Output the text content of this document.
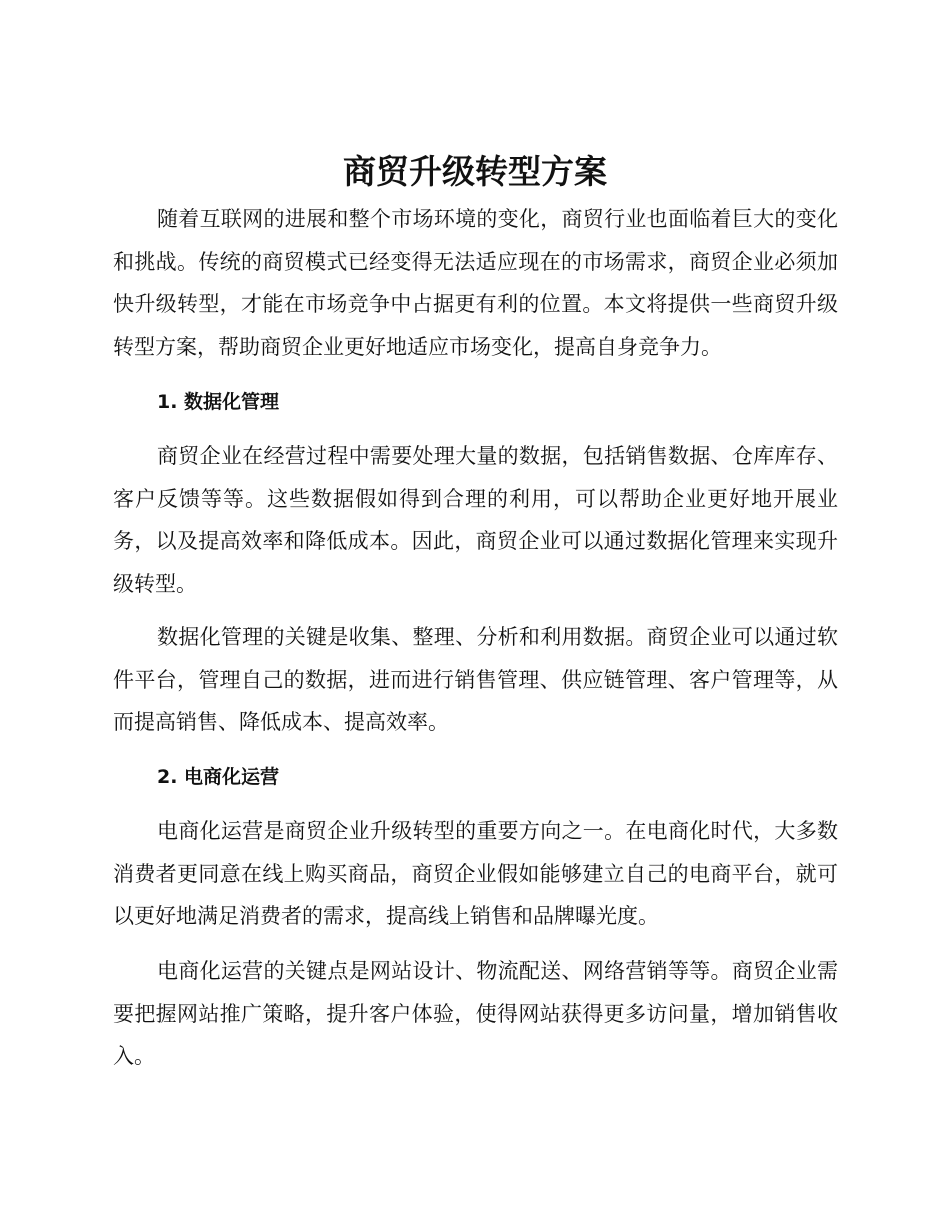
商贸升级转型方案

随着互联网的进展和整个市场环境的变化，商贸行业也面临着巨大的变化和挑战。传统的商贸模式已经变得无法适应现在的市场需求，商贸企业必须加快升级转型，才能在市场竞争中占据更有利的位置。本文将提供一些商贸升级转型方案，帮助商贸企业更好地适应市场变化，提高自身竞争力。

1. 数据化管理

商贸企业在经营过程中需要处理大量的数据，包括销售数据、仓库库存、客户反馈等等。这些数据假如得到合理的利用，可以帮助企业更好地开展业务，以及提高效率和降低成本。因此，商贸企业可以通过数据化管理来实现升级转型。

数据化管理的关键是收集、整理、分析和利用数据。商贸企业可以通过软件平台，管理自己的数据，进而进行销售管理、供应链管理、客户管理等，从而提高销售、降低成本、提高效率。

2. 电商化运营

电商化运营是商贸企业升级转型的重要方向之一。在电商化时代，大多数消费者更同意在线上购买商品，商贸企业假如能够建立自己的电商平台，就可以更好地满足消费者的需求，提高线上销售和品牌曝光度。

电商化运营的关键点是网站设计、物流配送、网络营销等等。商贸企业需要把握网站推广策略，提升客户体验，使得网站获得更多访问量，增加销售收入。
